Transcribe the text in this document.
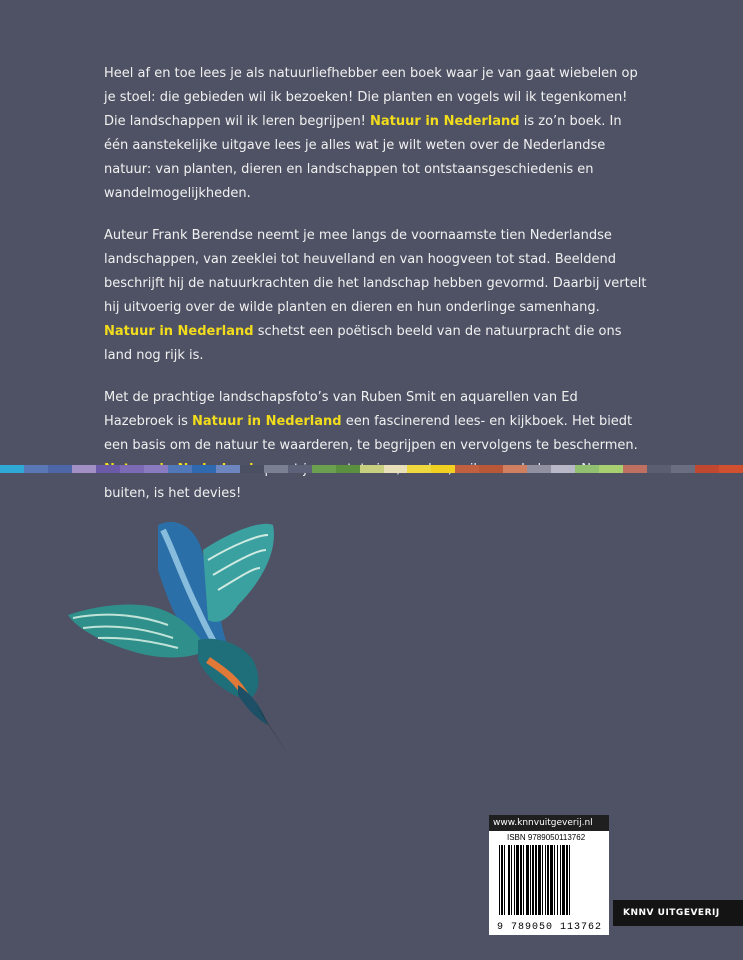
Heel af en toe lees je als natuurliefhebber een boek waar je van gaat wiebelen op je stoel: die gebieden wil ik bezoeken! Die planten en vogels wil ik tegenkomen! Die landschappen wil ik leren begrijpen! Natuur in Nederland is zo’n boek. In één aanstekelijke uitgave lees je alles wat je wilt weten over de Nederlandse natuur: van planten, dieren en landschappen tot ontstaansgeschiedenis en wandelmogelijkheden.

Auteur Frank Berendse neemt je mee langs de voornaamste tien Nederlandse landschappen, van zeeklei tot heuvelland en van hoogveen tot stad. Beeldend beschrijft hij de natuurkrachten die het landschap hebben gevormd. Daarbij vertelt hij uitvoerig over de wilde planten en dieren en hun onderlinge samenhang. Natuur in Nederland schetst een poëtisch beeld van de natuurpracht die ons land nog rijk is.

Met de prachtige landschapsfoto’s van Ruben Smit en aquarellen van Ed Hazebroek is Natuur in Nederland een fascinerend lees- en kijkboek. Het biedt een basis om de natuur te waarderen, te begrijpen en vervolgens te beschermen. buiten, is het devies!

www.knnvuitgeverij.nl
ISBN 9789050113762
9 789050 113762
KNNV UITGEVERIJ
